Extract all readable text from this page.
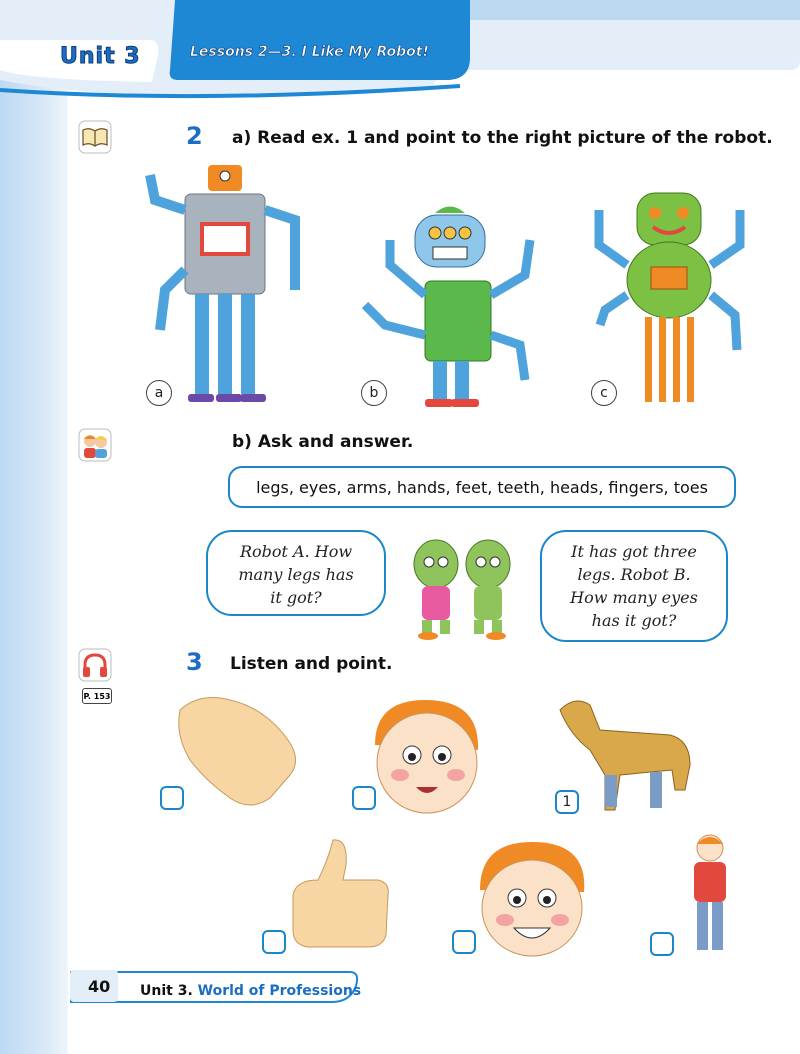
Unit 3	Lessons 2—3. I Like My Robot!
2 a) Read ex. 1 and point to the right picture of the robot.
a	b	c
b) Ask and answer.
legs, eyes, arms, hands, feet, teeth, heads, fingers, toes
Robot A. How
many legs has
it got?
It has got three
legs. Robot B.
How many eyes
has it got?
P. 153
3 Listen and point.
1
40 Unit 3. World of Professions
